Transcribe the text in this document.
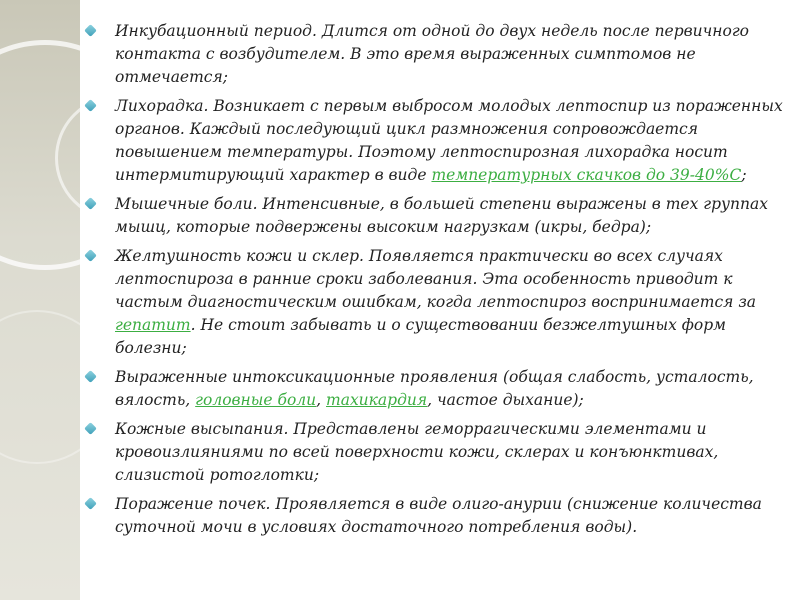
Инкубационный период. Длится от одной до двух недель после первичного контакта с возбудителем. В это время выраженных симптомов не отмечается;
Лихорадка. Возникает с первым выбросом молодых лептоспир из пораженных органов. Каждый последующий цикл размножения сопровождается повышением температуры. Поэтому лептоспирозная лихорадка носит интермитирующий характер в виде температурных скачков до 39-40%С;
Мышечные боли. Интенсивные, в большей степени выражены в тех группах мышц, которые подвержены высоким нагрузкам (икры, бедра);
Желтушность кожи и склер. Появляется практически во всех случаях лептоспироза в ранние сроки заболевания. Эта особенность приводит к частым диагностическим ошибкам, когда лептоспироз воспринимается за гепатит. Не стоит забывать и о существовании безжелтушных форм болезни;
Выраженные интоксикационные проявления (общая слабость, усталость, вялость, головные боли, тахикардия, частое дыхание);
Кожные высыпания. Представлены геморрагическими элементами и кровоизлияниями по всей поверхности кожи, склерах и конъюнктивах, слизистой ротоглотки;
Поражение почек. Проявляется в виде олиго-анурии (снижение количества суточной мочи в условиях достаточного потребления воды).
